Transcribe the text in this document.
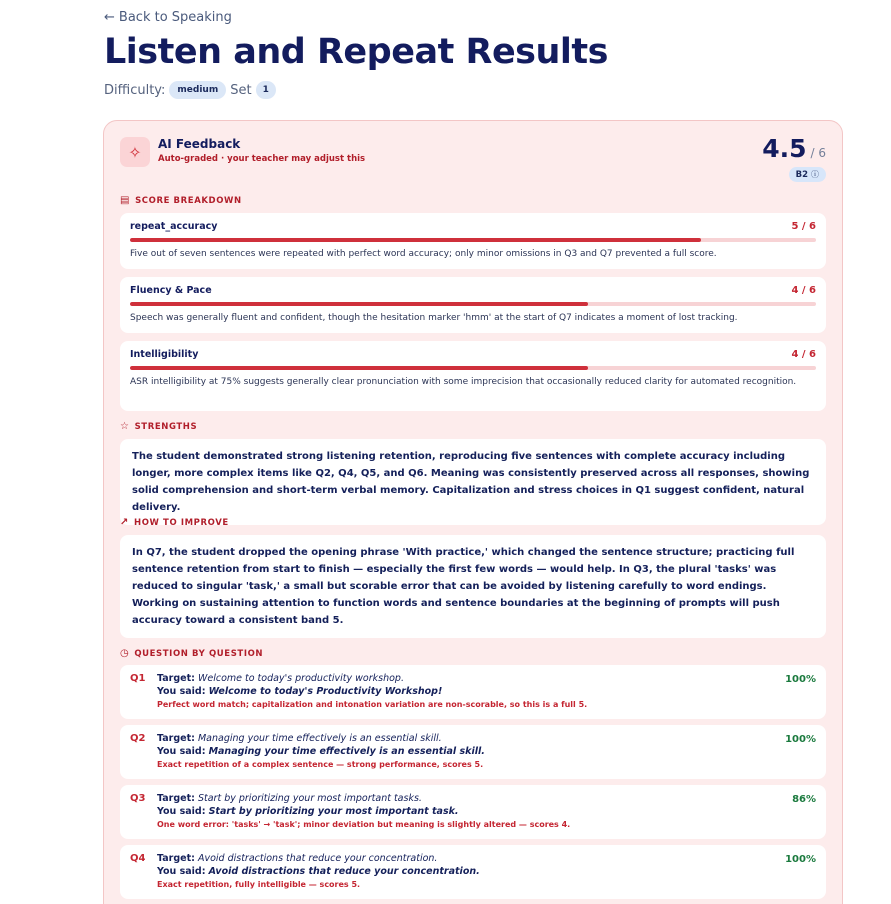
← Back to Speaking
Listen and Repeat Results
Difficulty:	medium Set	1
✧	AI Feedback
Auto-graded · your teacher may adjust this	4.5 / 6
B2 ⓘ
▤ SCORE BREAKDOWN
repeat_accuracy	5 / 6
Five out of seven sentences were repeated with perfect word accuracy; only minor omissions in Q3 and Q7 prevented a full score.
Fluency & Pace	4 / 6
Speech was generally fluent and confident, though the hesitation marker 'hmm' at the start of Q7 indicates a moment of lost tracking.
Intelligibility	4 / 6
ASR intelligibility at 75% suggests generally clear pronunciation with some imprecision that occasionally reduced clarity for automated recognition.
☆ STRENGTHS
The student demonstrated strong listening retention, reproducing five sentences with complete accuracy including longer, more complex items like Q2, Q4, Q5, and Q6. Meaning was consistently preserved across all responses, showing solid comprehension and short-term verbal memory. Capitalization and stress choices in Q1 suggest confident, natural delivery.
↗ HOW TO IMPROVE
In Q7, the student dropped the opening phrase 'With practice,' which changed the sentence structure; practicing full sentence retention from start to finish — especially the first few words — would help. In Q3, the plural 'tasks' was reduced to singular 'task,' a small but scorable error that can be avoided by listening carefully to word endings. Working on sustaining attention to function words and sentence boundaries at the beginning of prompts will push accuracy toward a consistent band 5.
◷ QUESTION BY QUESTION
Q1 Target: Welcome to today's productivity workshop.
You said: Welcome to today's Productivity Workshop!
Perfect word match; capitalization and intonation variation are non-scorable, so this is a full 5.
100%
Q2 Target: Managing your time effectively is an essential skill.
You said: Managing your time effectively is an essential skill.
Exact repetition of a complex sentence — strong performance, scores 5.
100%
Q3 Target: Start by prioritizing your most important tasks.
You said: Start by prioritizing your most important task.
One word error: 'tasks' → 'task'; minor deviation but meaning is slightly altered — scores 4.
86%
Q4 Target: Avoid distractions that reduce your concentration.
You said: Avoid distractions that reduce your concentration.
Exact repetition, fully intelligible — scores 5.
100%
